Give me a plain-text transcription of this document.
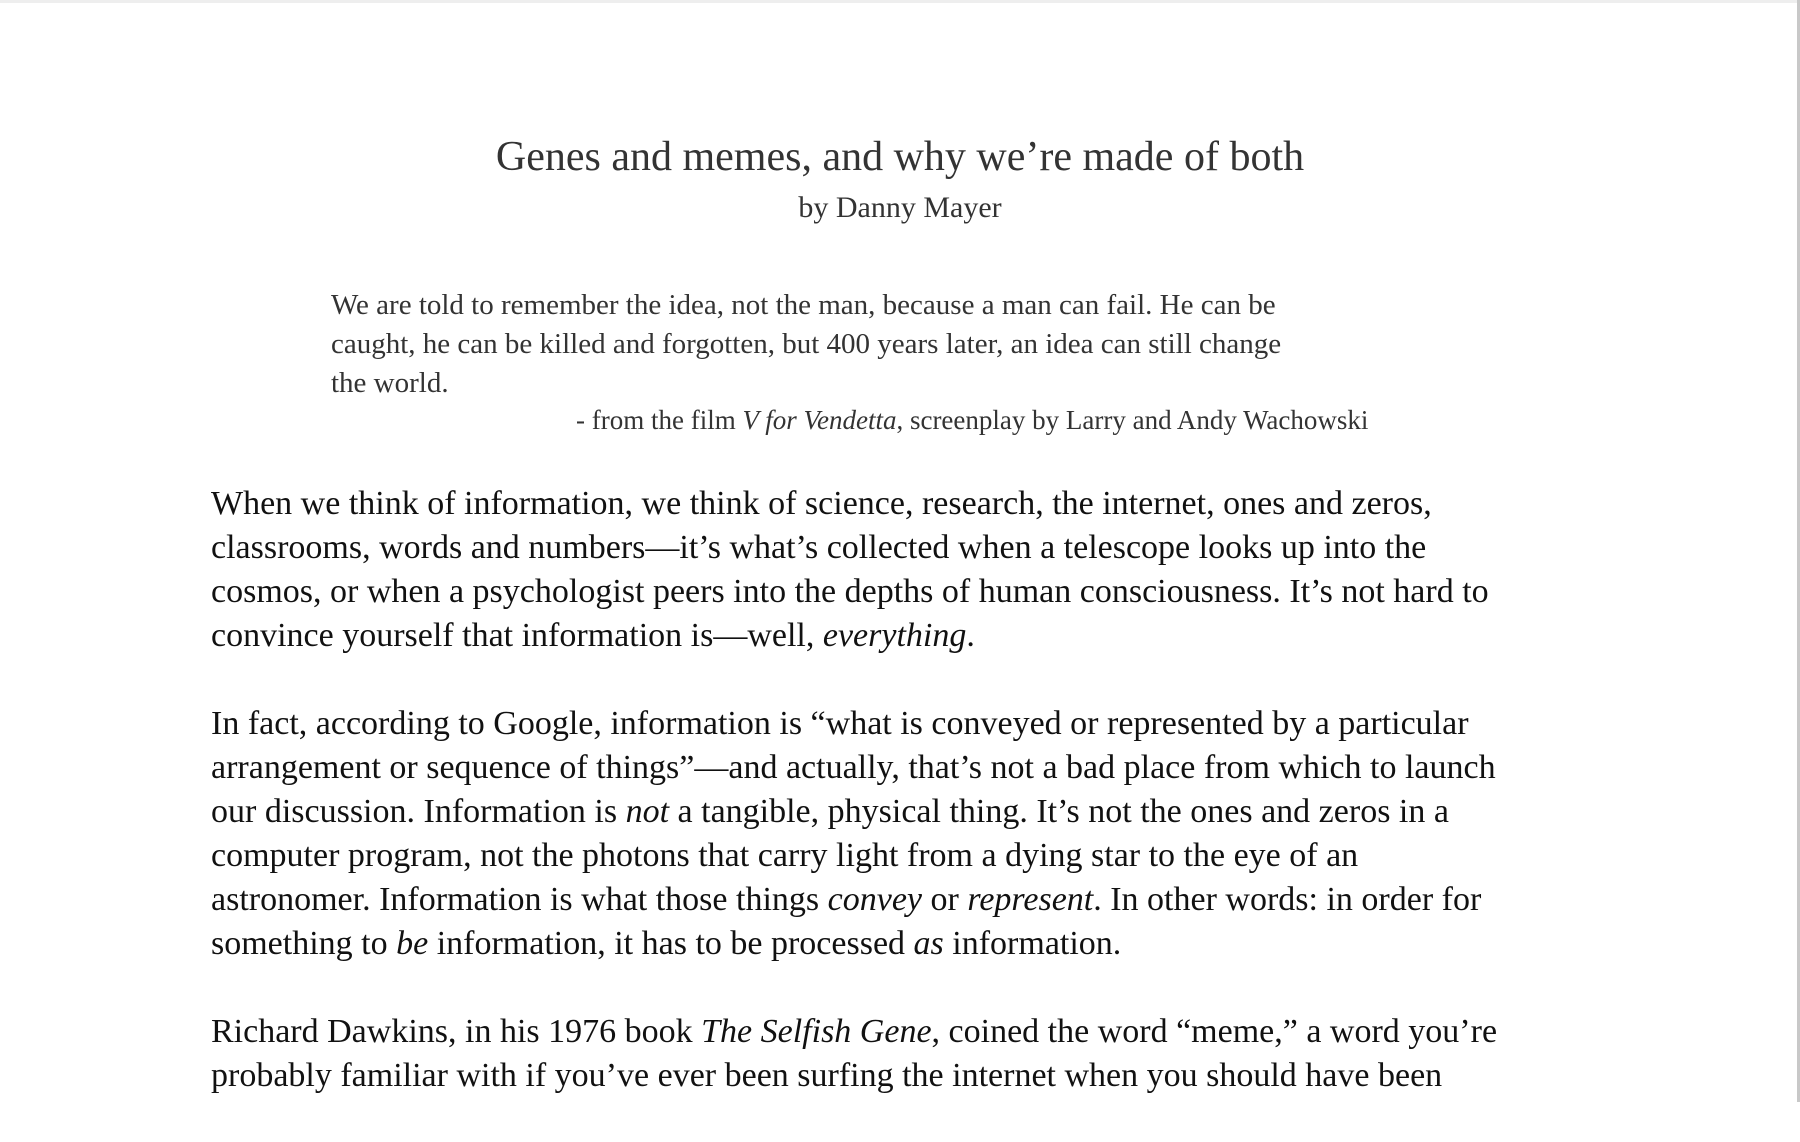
Genes and memes, and why we’re made of both
by Danny Mayer
We are told to remember the idea, not the man, because a man can fail. He can be
caught, he can be killed and forgotten, but 400 years later, an idea can still change
the world.
- from the film V for Vendetta, screenplay by Larry and Andy Wachowski

When we think of information, we think of science, research, the internet, ones and zeros,
classrooms, words and numbers—it’s what’s collected when a telescope looks up into the
cosmos, or when a psychologist peers into the depths of human consciousness. It’s not hard to
convince yourself that information is—well, everything.

In fact, according to Google, information is “what is conveyed or represented by a particular
arrangement or sequence of things”—and actually, that’s not a bad place from which to launch
our discussion. Information is not a tangible, physical thing. It’s not the ones and zeros in a
computer program, not the photons that carry light from a dying star to the eye of an
astronomer. Information is what those things convey or represent. In other words: in order for
something to be information, it has to be processed as information.

Richard Dawkins, in his 1976 book The Selfish Gene, coined the word “meme,” a word you’re
probably familiar with if you’ve ever been surfing the internet when you should have been
